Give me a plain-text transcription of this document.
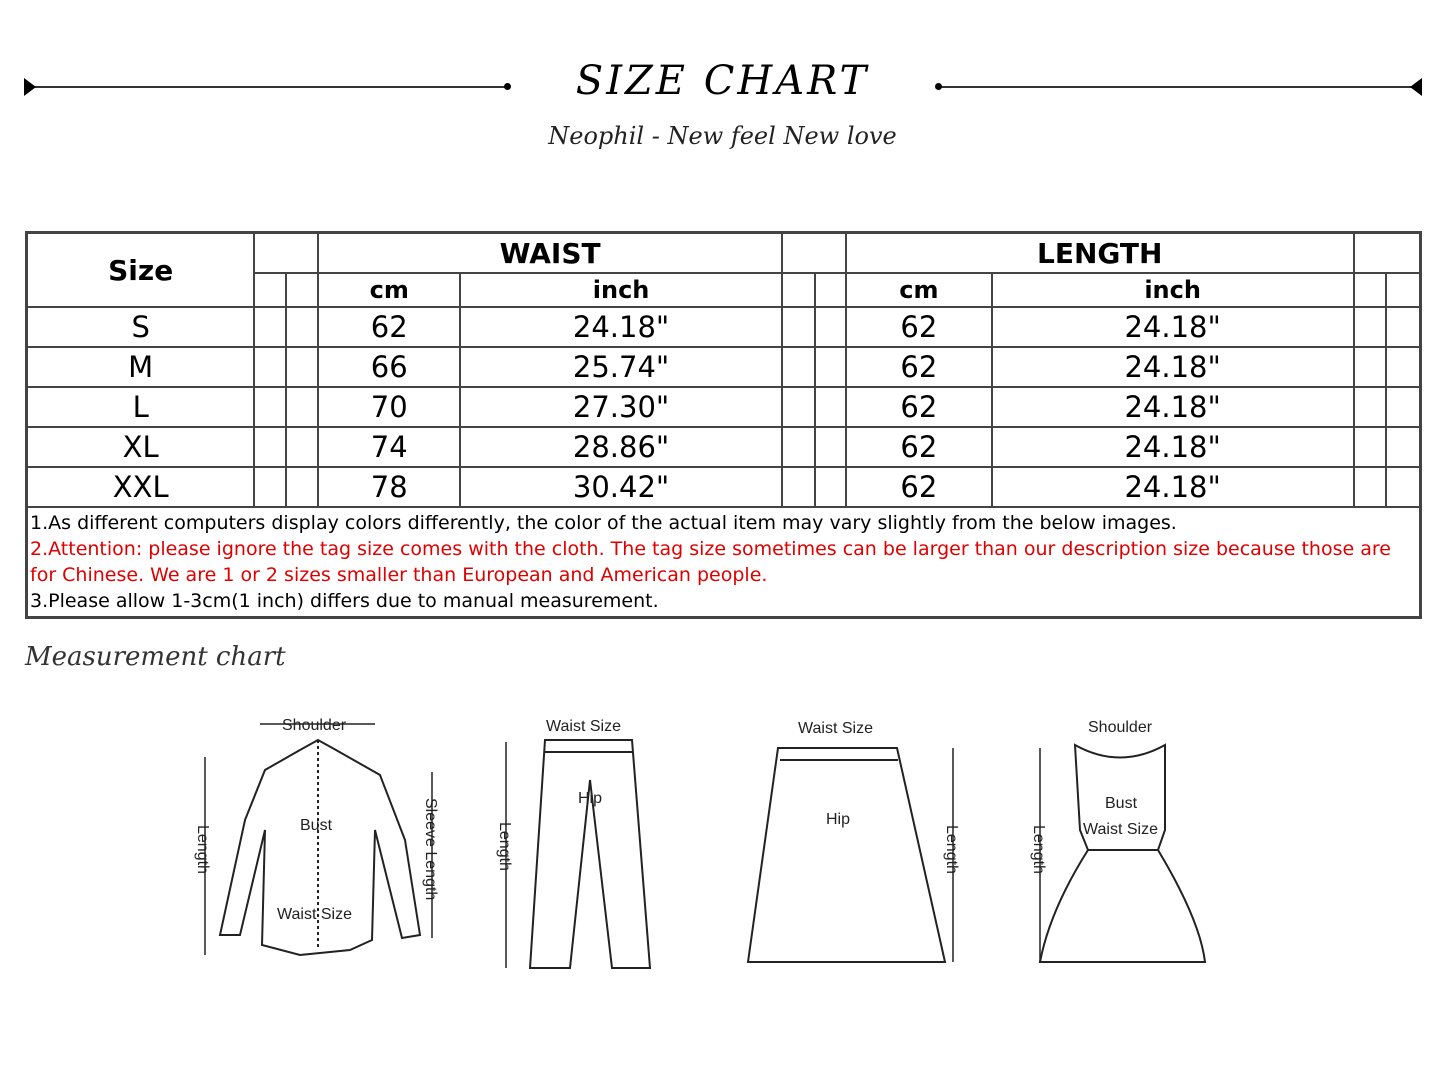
SIZE CHART
Neophil - New feel New love
Size			WAIST				LENGTH			
			cm	inch			cm	inch		
S			62	24.18"			62	24.18"		
M			66	25.74"			62	24.18"		
L			70	27.30"			62	24.18"		
XL			74	28.86"			62	24.18"		
XXL			78	30.42"			62	24.18"		

1.As different computers display colors differently, the color of the actual item may vary slightly from the below images.
2.Attention: please ignore the tag size comes with the cloth. The tag size sometimes can be larger than our description size because those are for Chinese. We are 1 or 2 sizes smaller than European and American people.
3.Please allow 1-3cm(1 inch) differs due to manual measurement.										
Measurement chart
Shoulder
Bust
Waist Size
Length	Sleeve Length
Waist Size
Hip
Length
Waist Size
Hip
Length
Shoulder
Bust
Waist Size
Length
